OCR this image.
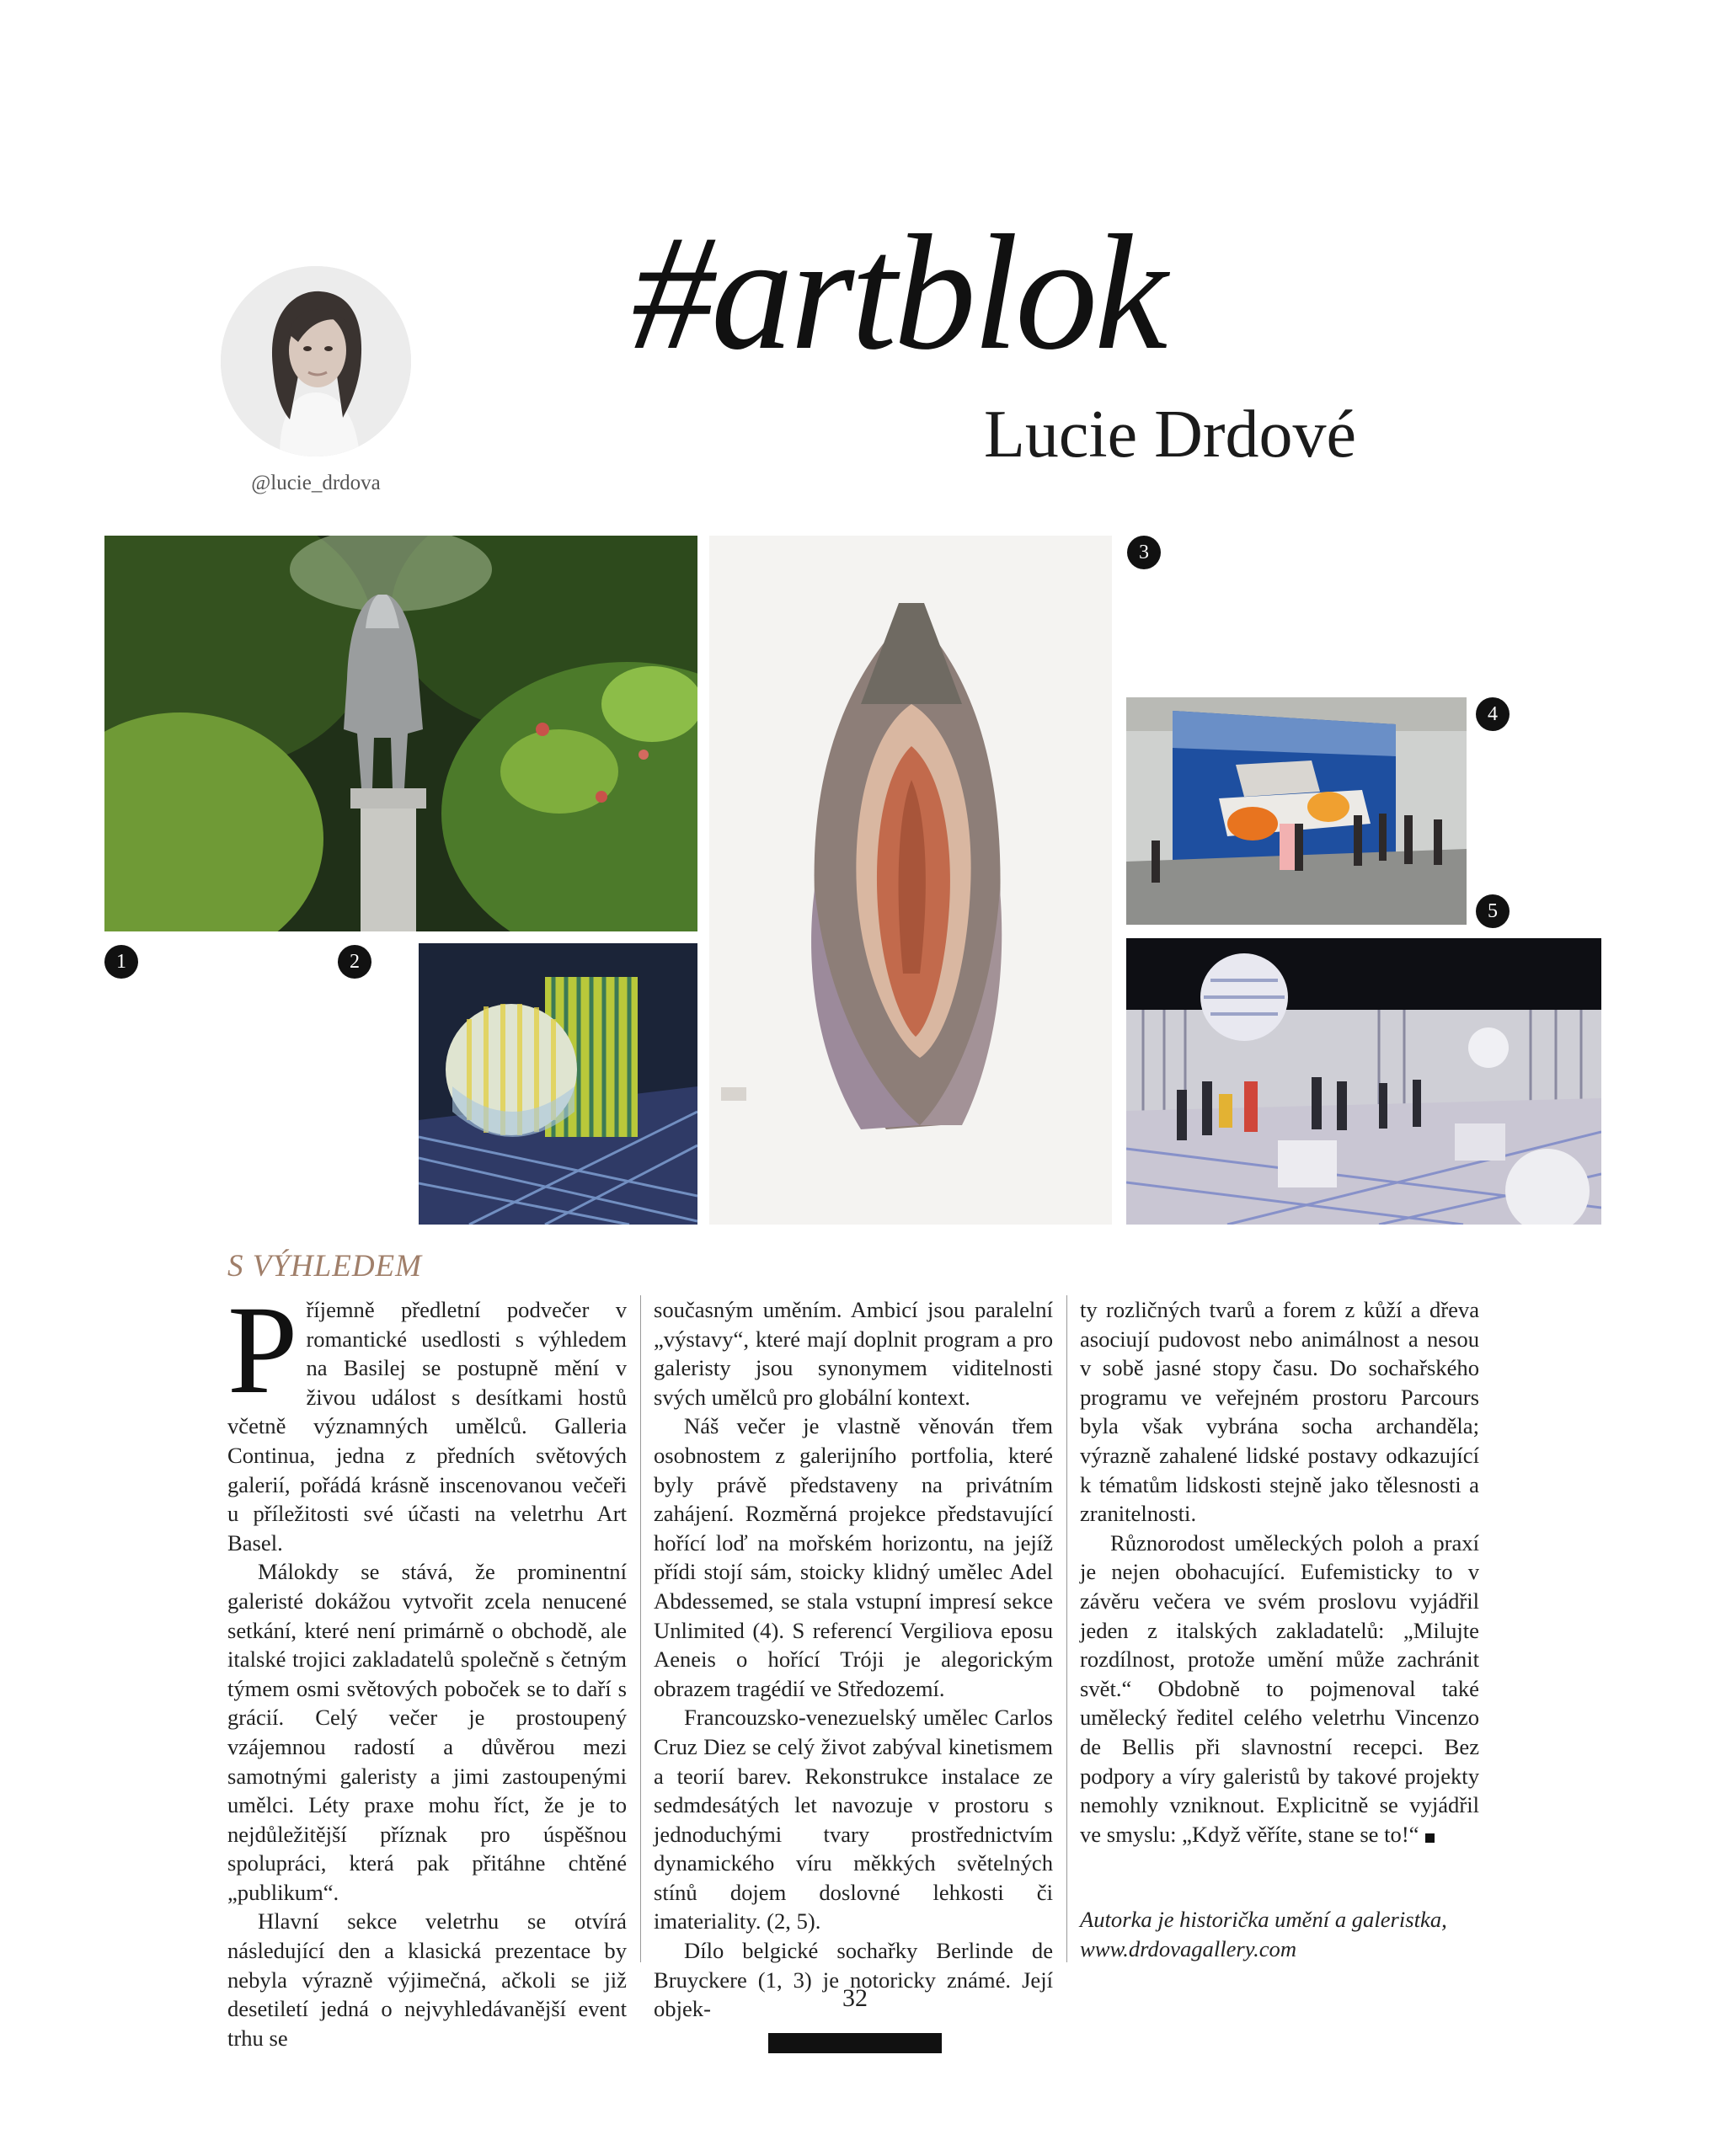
@lucie_drdova
#artblok
Lucie Drdové
1	2
3
4
5
S VÝHLEDEM

Příjemně předletní podvečer v romantické usedlosti s výhledem na Basilej se postupně mění v živou událost s desítkami hostů včetně významných umělců. Galleria Continua, jedna z předních světových galerií, pořádá krásně inscenovanou večeři u příležitosti své účasti na veletrhu Art Basel.

Málokdy se stává, že prominentní galeristé dokážou vytvořit zcela nenucené setkání, které není primárně o obchodě, ale italské trojici zakladatelů společně s četným týmem osmi světových poboček se to daří s grácií. Celý večer je prostoupený vzájemnou radostí a důvěrou mezi samotnými galeristy a jimi zastoupenými umělci. Léty praxe mohu říct, že je to nejdůležitější příznak pro úspěšnou spolupráci, která pak přitáhne chtěné „publikum“.

Hlavní sekce veletrhu se otvírá následující den a klasická prezentace by nebyla výrazně výjimečná, ačkoli se již desetiletí jedná o nejvyhledávanější event trhu se

současným uměním. Ambicí jsou paralelní „výstavy“, které mají doplnit program a pro galeristy jsou synonymem viditelnosti svých umělců pro globální kontext.

Náš večer je vlastně věnován třem osobnostem z galerijního portfolia, které byly právě představeny na privátním zahájení. Rozměrná projekce představující hořící loď na mořském horizontu, na jejíž přídi stojí sám, stoicky klidný umělec Adel Abdessemed, se stala vstupní impresí sekce Unlimited (4). S referencí Vergiliova eposu Aeneis o hořící Tróji je alegorickým obrazem tragédií ve Středozemí.

Francouzsko-venezuelský umělec Carlos Cruz Diez se celý život zabýval kinetismem a teorií barev. Rekonstrukce instalace ze sedmdesátých let navozuje v prostoru s jednoduchými tvary prostřednictvím dynamického víru měkkých světelných stínů dojem doslovné lehkosti či imateriality. (2, 5).

Dílo belgické sochařky Berlinde de Bruyckere (1, 3) je notoricky známé. Její objek-

ty rozličných tvarů a forem z kůží a dřeva asociují pudovost nebo animálnost a nesou v sobě jasné stopy času. Do sochařského programu ve veřejném prostoru Parcours byla však vybrána socha archanděla; výrazně zahalené lidské postavy odkazující k tématům lidskosti stejně jako tělesnosti a zranitelnosti.

Různorodost uměleckých poloh a praxí je nejen obohacující. Eufemisticky to v závěru večera ve svém proslovu vyjádřil jeden z italských zakladatelů: „Milujte rozdílnost, protože umění může zachránit svět.“ Obdobně to pojmenoval také umělecký ředitel celého veletrhu Vincenzo de Bellis při slavnostní recepci. Bez podpory a víry galeristů by takové projekty nemohly vzniknout. Explicitně se vyjádřil ve smyslu: „Když věříte, stane se to!“

Autorka je historička umění a galeristka,
www.drdovagallery.com
32
